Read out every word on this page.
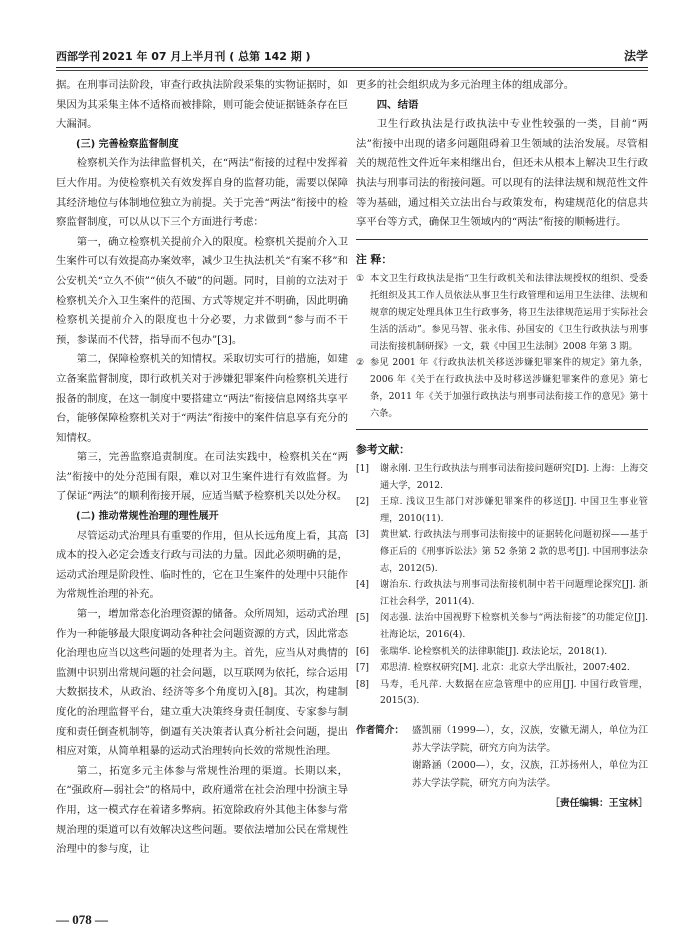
西部学刊 2021 年 07 月上半月刊 ( 总第 142 期 )	法学

据。在刑事司法阶段，审查行政执法阶段采集的实物证据时，如果因为其采集主体不适格而被排除，则可能会使证据链条存在巨大漏洞。

(三) 完善检察监督制度

检察机关作为法律监督机关，在“两法”衔接的过程中发挥着巨大作用。为使检察机关有效发挥自身的监督功能，需要以保障其经济地位与体制地位独立为前提。关于完善“两法”衔接中的检察监督制度，可以从以下三个方面进行考虑：

第一，确立检察机关提前介入的限度。检察机关提前介入卫生案件可以有效提高办案效率，减少卫生执法机关“有案不移”和公安机关“立久不侦”“侦久不破”的问题。同时，目前的立法对于检察机关介入卫生案件的范围、方式等规定并不明确，因此明确检察机关提前介入的限度也十分必要，力求做到“参与而不干预，参谋而不代替，指导而不包办”[3]。

第二，保障检察机关的知情权。采取切实可行的措施，如建立备案监督制度，即行政机关对于涉嫌犯罪案件向检察机关进行报备的制度，在这一制度中要搭建立“两法”衔接信息网络共享平台，能够保障检察机关对于“两法”衔接中的案件信息享有充分的知情权。

第三，完善监察追责制度。在司法实践中，检察机关在“两法”衔接中的处分范围有限，难以对卫生案件进行有效监督。为了保证“两法”的顺利衔接开展，应适当赋予检察机关以处分权。

(二) 推动常规性治理的理性展开

尽管运动式治理具有重要的作用，但从长远角度上看，其高成本的投入必定会透支行政与司法的力量。因此必须明确的是，运动式治理是阶段性、临时性的，它在卫生案件的处理中只能作为常规性治理的补充。

第一，增加常态化治理资源的储备。众所周知，运动式治理作为一种能够最大限度调动各种社会问题资源的方式，因此常态化治理也应当以这些问题的处理者为主。首先，应当从对典情的监测中识别出常规问题的社会问题，以互联网为依托，综合运用大数据技术，从政治、经济等多个角度切入[8]。其次，构建制度化的治理监督平台，建立重大决策终身责任制度、专家参与制度和责任倒查机制等，倒逼有关决策者认真分析社会问题，提出相应对策，从简单粗暴的运动式治理转向长效的常规性治理。

第二，拓宽多元主体参与常规性治理的渠道。长期以来，在“强政府—弱社会”的格局中，政府通常在社会治理中扮演主导作用，这一模式存在着诸多弊病。拓宽除政府外其他主体参与常规治理的渠道可以有效解决这些问题。要依法增加公民在常规性治理中的参与度，让

更多的社会组织成为多元治理主体的组成部分。

四、结语

卫生行政执法是行政执法中专业性较强的一类，目前“两法”衔接中出现的诸多问题阻碍着卫生领域的法治发展。尽管相关的规范性文件近年来相继出台，但还未从根本上解决卫生行政执法与刑事司法的衔接问题。可以现有的法律法规和规范性文件等为基础，通过相关立法出台与政策发布，构建规范化的信息共享平台等方式，确保卫生领域内的“两法”衔接的顺畅进行。

注 释：
① 本文卫生行政执法是指“卫生行政机关和法律法规授权的组织、受委托组织及其工作人员依法从事卫生行政管理和运用卫生法律、法规和规章的规定处理具体卫生行政事务，将卫生法律规范运用于实际社会生活的活动”。参见马智、张永伟、孙国安的《卫生行政执法与刑事司法衔接机制研探》一文，载《中国卫生法制》2008 年第 3 期。
② 参见 2001 年《行政执法机关移送涉嫌犯罪案件的规定》第九条，2006 年《关于在行政执法中及时移送涉嫌犯罪案件的意见》第七条，2011 年《关于加强行政执法与刑事司法衔接工作的意见》第十六条。
参考文献：
[1]	谢永刚. 卫生行政执法与刑事司法衔接问题研究[D]. 上海：上海交通大学，2012.
[2]	王琼. 浅议卫生部门对涉嫌犯罪案件的移送[J]. 中国卫生事业管理，2010(11).
[3]	黄世斌. 行政执法与刑事司法衔接中的证据转化问题初探——基于修正后的《刑事诉讼法》第 52 条第 2 款的思考[J]. 中国刑事法杂志，2012(5).
[4]	谢治东. 行政执法与刑事司法衔接机制中若干问题理论探究[J]. 浙江社会科学，2011(4).
[5]	闵志强. 法治中国视野下检察机关参与“两法衔接”的功能定位[J]. 社海论坛，2016(4).
[6]	张瑞华. 论检察机关的法律职能[J]. 政法论坛，2018(1).
[7]	邓思清. 检察权研究[M]. 北京：北京大学出版社，2007:402.
[8]	马寿，毛凡萍. 大数据在应急管理中的应用[J]. 中国行政管理，2015(3).
作者简介： 盛凯丽（1999—），女，汉族，安徽无湖人，单位为江苏大学法学院，研究方向为法学。
谢路涵（2000—），女，汉族，江苏扬州人，单位为江苏大学法学院，研究方向为法学。
［责任编辑：王宝林］
— 078 —
